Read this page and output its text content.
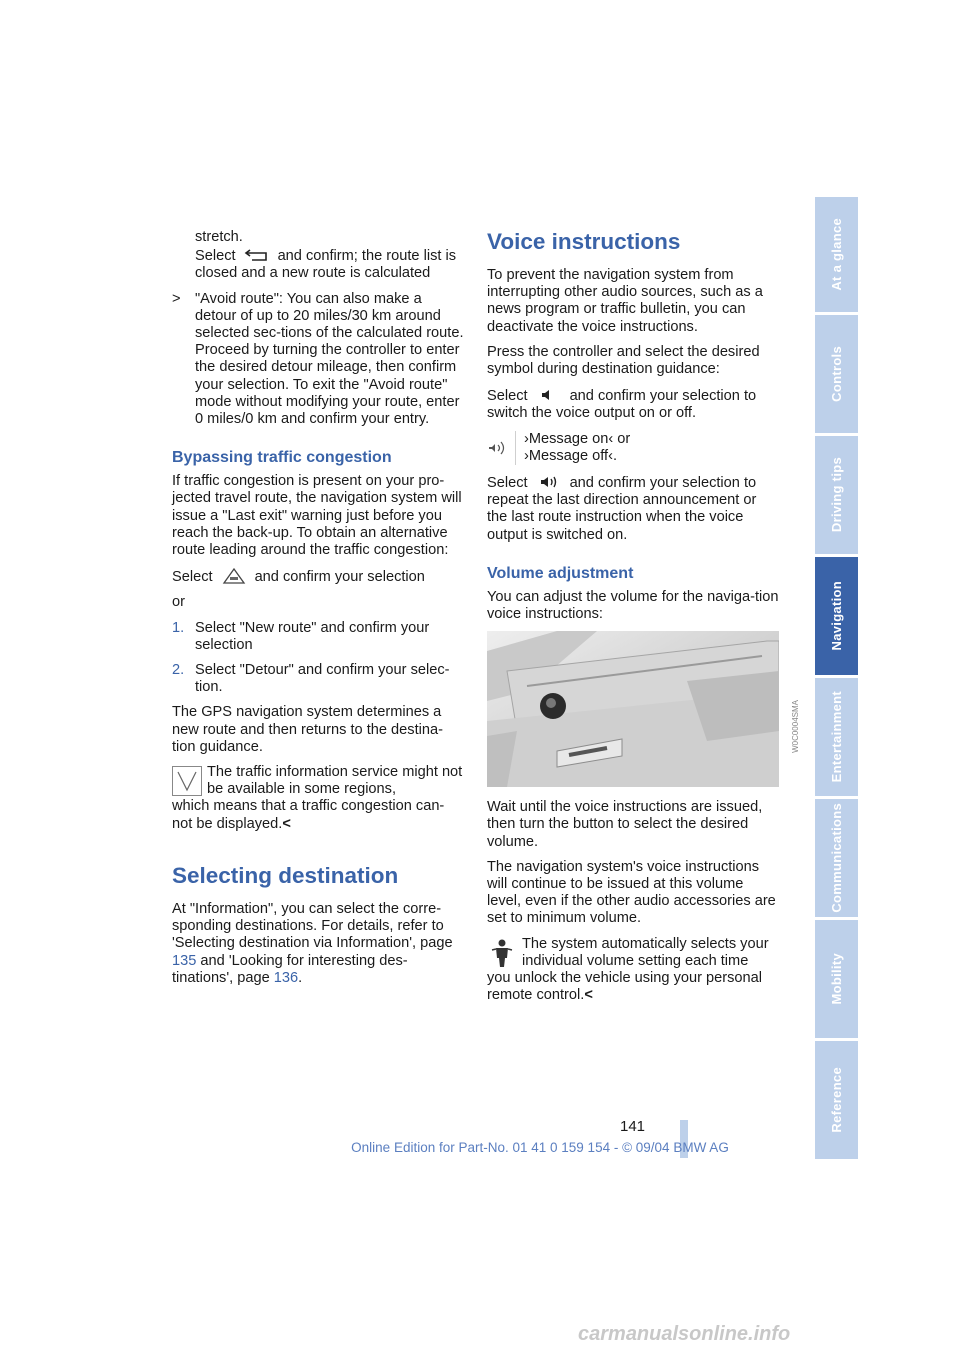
stretch.

Select	and confirm; the route list is closed and a new route is calculated

> "Avoid route": You can also make a detour of up to 20 miles/30 km around selected sec-tions of the calculated route. Proceed by turning the controller to enter the desired detour mileage, then confirm your selection. To exit the "Avoid route" mode without modifying your route, enter 0 miles/0 km and confirm your entry.
Bypassing traffic congestion

If traffic congestion is present on your pro-jected travel route, the navigation system will issue a "Last exit" warning just before you reach the back-up. To obtain an alternative route leading around the traffic congestion:

Select	and confirm your selection

or

1. Select "New route" and confirm your selection
2. Select "Detour" and confirm your selec-tion.

The GPS navigation system determines a new route and then returns to the destina-tion guidance.

The traffic information service might not be available in some regions,
which means that a traffic congestion can-not be displayed.<
Selecting destination

At "Information", you can select the corre-sponding destinations. For details, refer to 'Selecting destination via Information', page 135 and 'Looking for interesting des-tinations', page 136.

Voice instructions

To prevent the navigation system from interrupting other audio sources, such as a news program or traffic bulletin, you can deactivate the voice instructions.

Press the controller and select the desired symbol during destination guidance:

Select	and confirm your selection to switch the voice output on or off.

›Message on‹ or
›Message off‹.

Select	and confirm your selection to repeat the last direction announcement or the last route instruction when the voice output is switched on.

Volume adjustment

You can adjust the volume for the naviga-tion voice instructions:

Wait until the voice instructions are issued, then turn the button to select the desired volume.

The navigation system's voice instructions will continue to be issued at this volume level, even if the other audio accessories are set to minimum volume.

The system automatically selects your individual volume setting each time
you unlock the vehicle using your personal remote control.<
W0C0004SMA
At a glance
Controls
Driving tips
Navigation
Entertainment
Communications
Mobility
Reference
141
Online Edition for Part-No. 01 41 0 159 154 - © 09/04 BMW AG
carmanualsonline.info
